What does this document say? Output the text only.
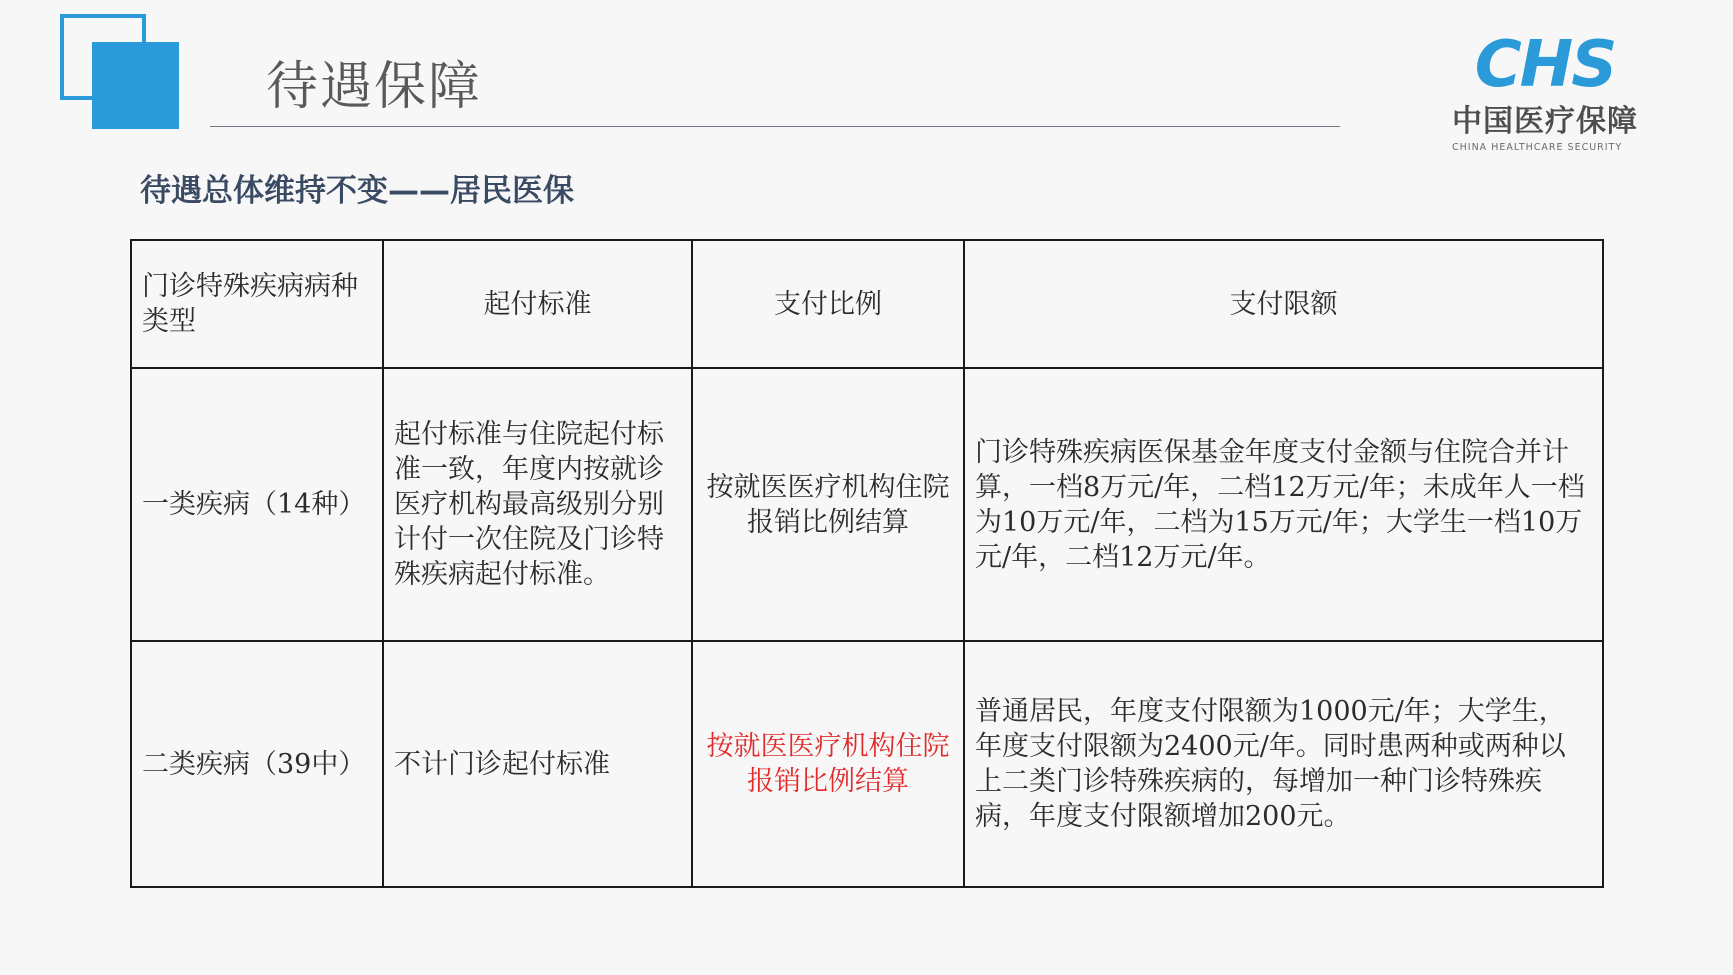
待遇保障	CHS
中国医疗保障
CHINA HEALTHCARE SECURITY
待遇总体维持不变——居民医保
门诊特殊疾病病种类型	起付标准	支付比例	支付限额
一类疾病（14种）	起付标准与住院起付标准一致，年度内按就诊医疗机构最高级别分别计付一次住院及门诊特殊疾病起付标准。	按就医医疗机构住院报销比例结算	门诊特殊疾病医保基金年度支付金额与住院合并计算，一档8万元/年，二档12万元/年；未成年人一档为10万元/年，二档为15万元/年；大学生一档10万元/年，二档12万元/年。
二类疾病（39中）	不计门诊起付标准	按就医医疗机构住院报销比例结算	普通居民，年度支付限额为1000元/年；大学生，年度支付限额为2400元/年。同时患两种或两种以上二类门诊特殊疾病的，每增加一种门诊特殊疾病，年度支付限额增加200元。
